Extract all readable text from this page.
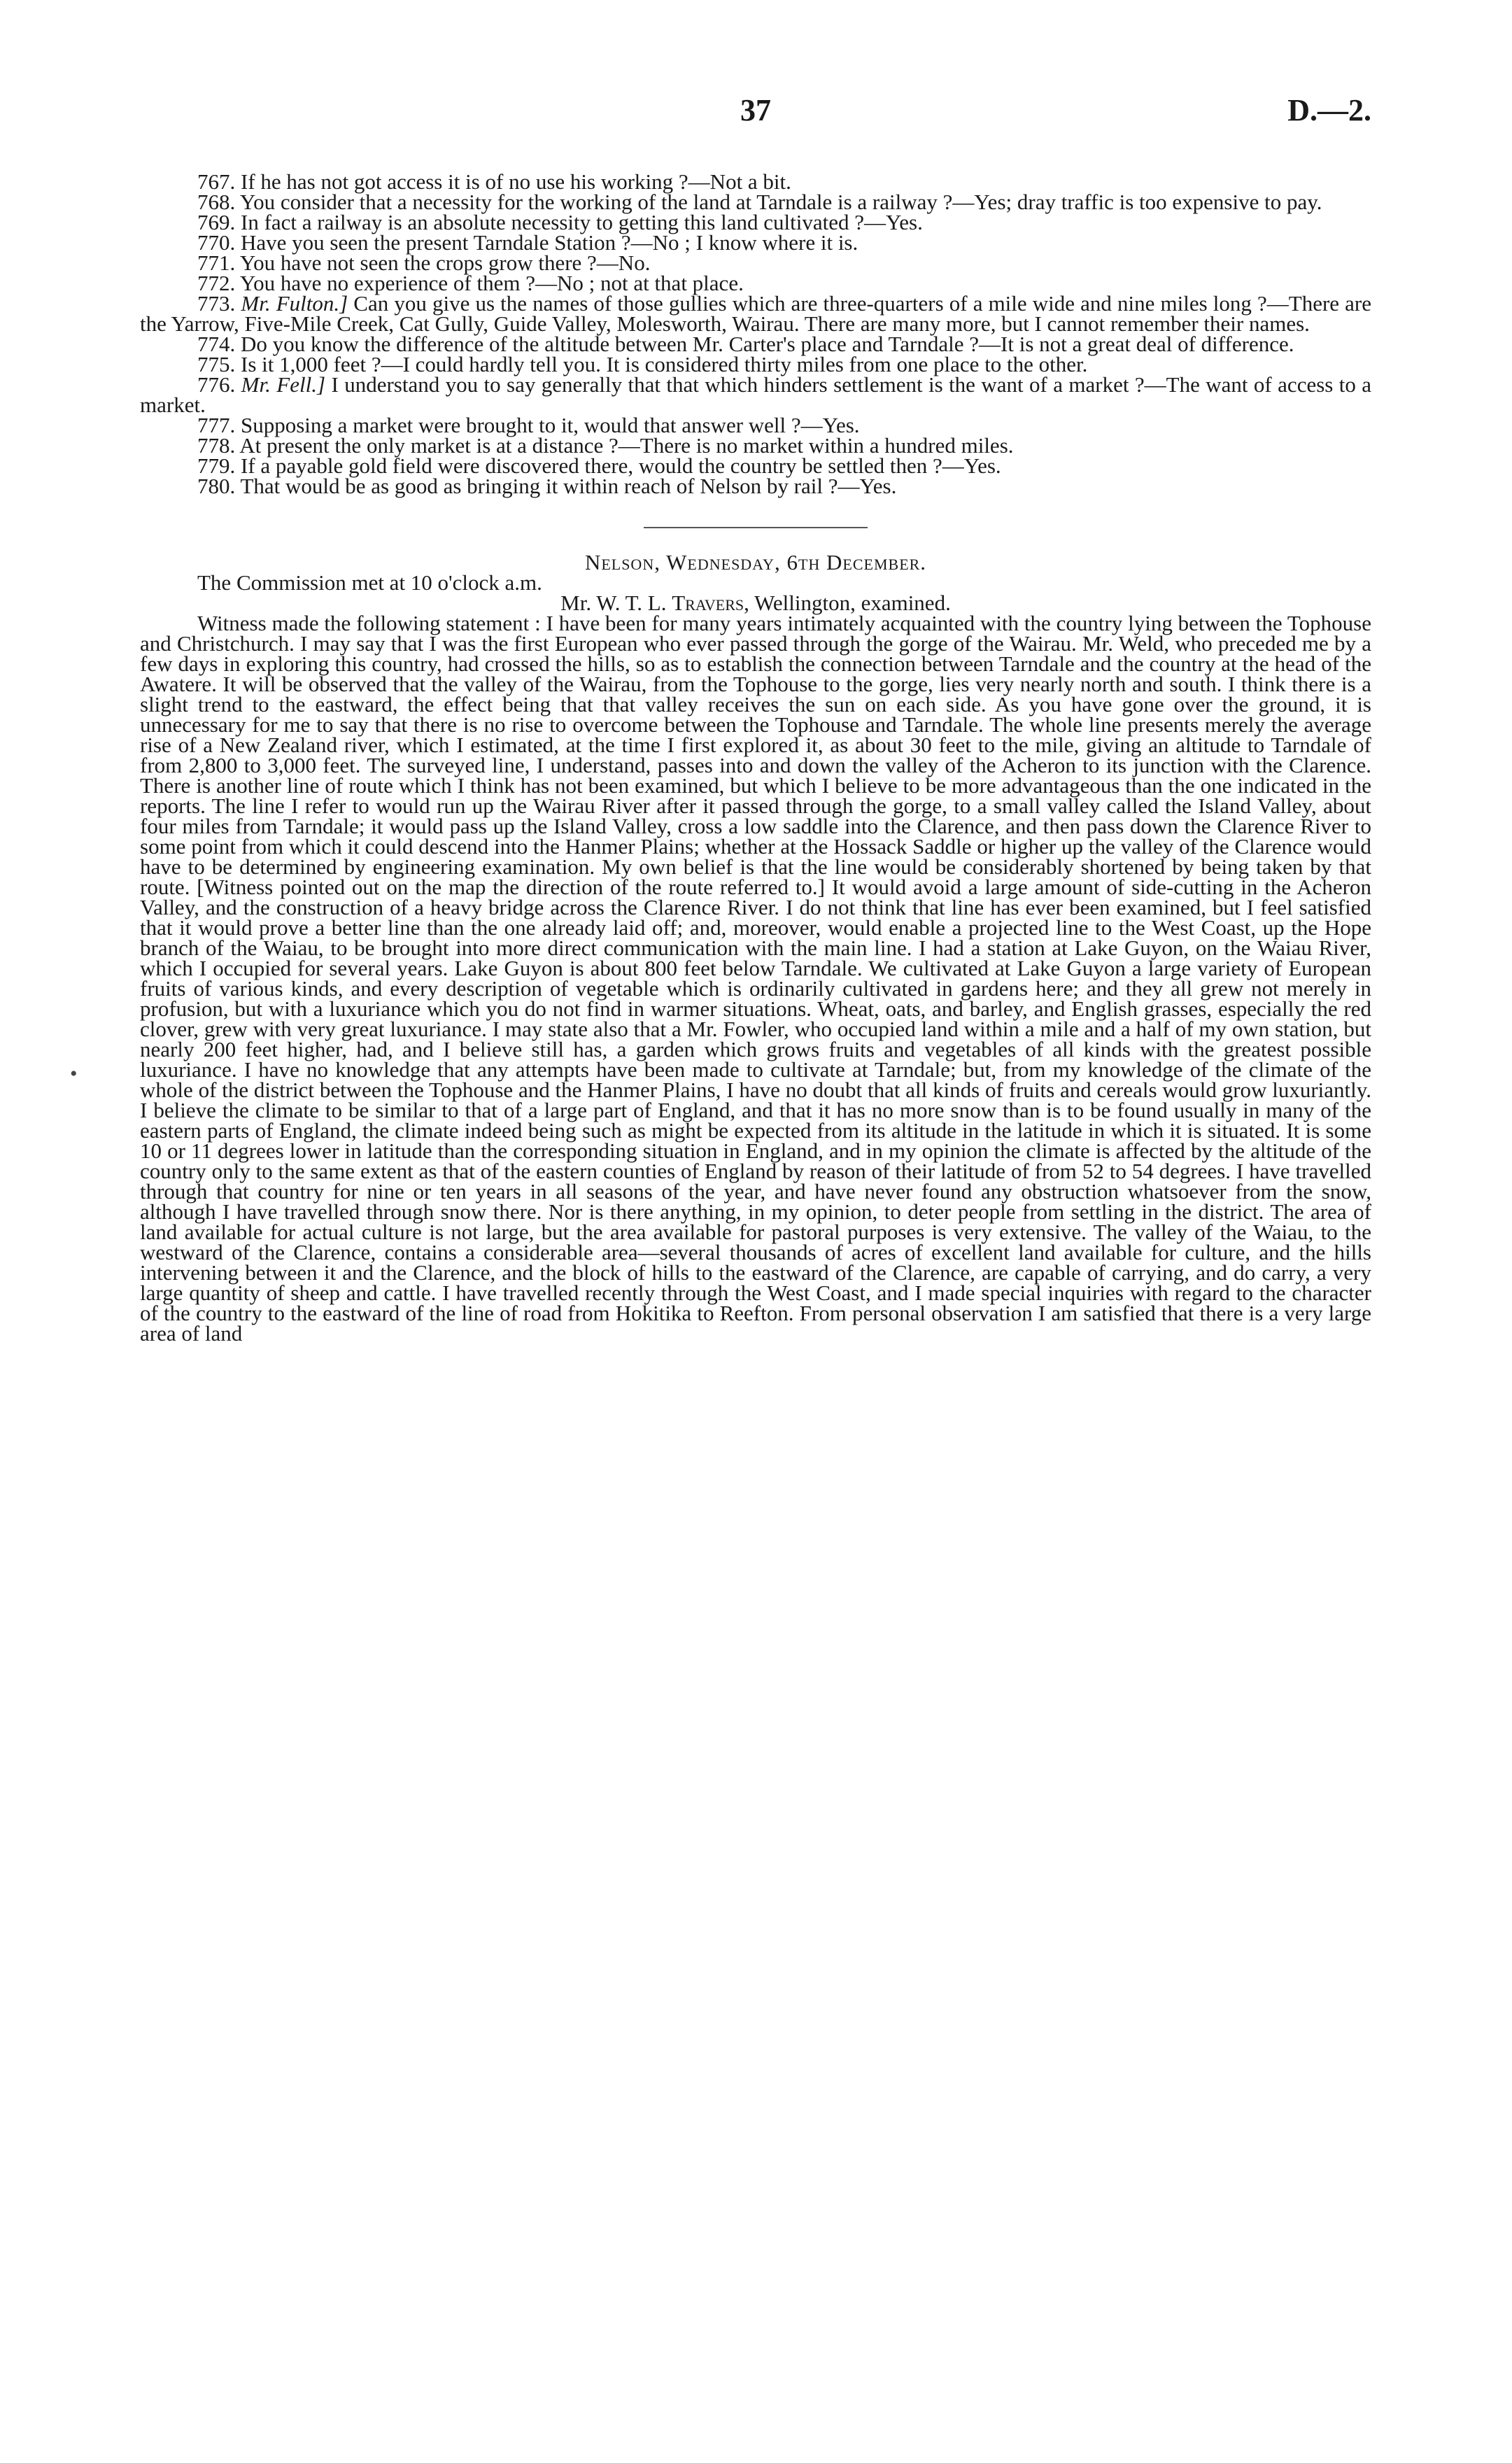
37	D.—2.
•

767. If he has not got access it is of no use his working ?—Not a bit.

768. You consider that a necessity for the working of the land at Tarndale is a railway ?—Yes; dray traffic is too expensive to pay.

769. In fact a railway is an absolute necessity to getting this land cultivated ?—Yes.

770. Have you seen the present Tarndale Station ?—No ; I know where it is.

771. You have not seen the crops grow there ?—No.

772. You have no experience of them ?—No ; not at that place.

773. Mr. Fulton.] Can you give us the names of those gullies which are three-quarters of a mile wide and nine miles long ?—There are the Yarrow, Five-Mile Creek, Cat Gully, Guide Valley, Molesworth, Wairau. There are many more, but I cannot remember their names.

774. Do you know the difference of the altitude between Mr. Carter's place and Tarndale ?—It is not a great deal of difference.

775. Is it 1,000 feet ?—I could hardly tell you. It is considered thirty miles from one place to the other.

776. Mr. Fell.] I understand you to say generally that that which hinders settlement is the want of a market ?—The want of access to a market.

777. Supposing a market were brought to it, would that answer well ?—Yes.

778. At present the only market is at a distance ?—There is no market within a hundred miles.

779. If a payable gold field were discovered there, would the country be settled then ?—Yes.

780. That would be as good as bringing it within reach of Nelson by rail ?—Yes.

Nelson, Wednesday, 6th December.

The Commission met at 10 o'clock a.m.

Mr. W. T. L. Travers, Wellington, examined.

Witness made the following statement : I have been for many years intimately acquainted with the country lying between the Tophouse and Christchurch. I may say that I was the first European who ever passed through the gorge of the Wairau. Mr. Weld, who preceded me by a few days in exploring this country, had crossed the hills, so as to establish the connection between Tarndale and the country at the head of the Awatere. It will be observed that the valley of the Wairau, from the Tophouse to the gorge, lies very nearly north and south. I think there is a slight trend to the eastward, the effect being that that valley receives the sun on each side. As you have gone over the ground, it is unnecessary for me to say that there is no rise to overcome between the Tophouse and Tarndale. The whole line presents merely the average rise of a New Zealand river, which I estimated, at the time I first explored it, as about 30 feet to the mile, giving an altitude to Tarndale of from 2,800 to 3,000 feet. The surveyed line, I understand, passes into and down the valley of the Acheron to its junction with the Clarence. There is another line of route which I think has not been examined, but which I believe to be more advantageous than the one indicated in the reports. The line I refer to would run up the Wairau River after it passed through the gorge, to a small valley called the Island Valley, about four miles from Tarndale; it would pass up the Island Valley, cross a low saddle into the Clarence, and then pass down the Clarence River to some point from which it could descend into the Hanmer Plains; whether at the Hossack Saddle or higher up the valley of the Clarence would have to be determined by engineering examination. My own belief is that the line would be considerably shortened by being taken by that route. [Witness pointed out on the map the direction of the route referred to.] It would avoid a large amount of side-cutting in the Acheron Valley, and the construction of a heavy bridge across the Clarence River. I do not think that line has ever been examined, but I feel satisfied that it would prove a better line than the one already laid off; and, moreover, would enable a projected line to the West Coast, up the Hope branch of the Waiau, to be brought into more direct communication with the main line. I had a station at Lake Guyon, on the Waiau River, which I occupied for several years. Lake Guyon is about 800 feet below Tarndale. We cultivated at Lake Guyon a large variety of European fruits of various kinds, and every description of vegetable which is ordinarily cultivated in gardens here; and they all grew not merely in profusion, but with a luxuriance which you do not find in warmer situations. Wheat, oats, and barley, and English grasses, especially the red clover, grew with very great luxuriance. I may state also that a Mr. Fowler, who occupied land within a mile and a half of my own station, but nearly 200 feet higher, had, and I believe still has, a garden which grows fruits and vegetables of all kinds with the greatest possible luxuriance. I have no knowledge that any attempts have been made to cultivate at Tarndale; but, from my knowledge of the climate of the whole of the district between the Tophouse and the Hanmer Plains, I have no doubt that all kinds of fruits and cereals would grow luxuriantly. I believe the climate to be similar to that of a large part of England, and that it has no more snow than is to be found usually in many of the eastern parts of England, the climate indeed being such as might be expected from its altitude in the latitude in which it is situated. It is some 10 or 11 degrees lower in latitude than the corresponding situation in England, and in my opinion the climate is affected by the altitude of the country only to the same extent as that of the eastern counties of England by reason of their latitude of from 52 to 54 degrees. I have travelled through that country for nine or ten years in all seasons of the year, and have never found any obstruction whatsoever from the snow, although I have travelled through snow there. Nor is there anything, in my opinion, to deter people from settling in the district. The area of land available for actual culture is not large, but the area available for pastoral purposes is very extensive. The valley of the Waiau, to the westward of the Clarence, contains a considerable area—several thousands of acres of excellent land available for culture, and the hills intervening between it and the Clarence, and the block of hills to the eastward of the Clarence, are capable of carrying, and do carry, a very large quantity of sheep and cattle. I have travelled recently through the West Coast, and I made special inquiries with regard to the character of the country to the eastward of the line of road from Hokitika to Reefton. From personal observation I am satisfied that there is a very large area of land
